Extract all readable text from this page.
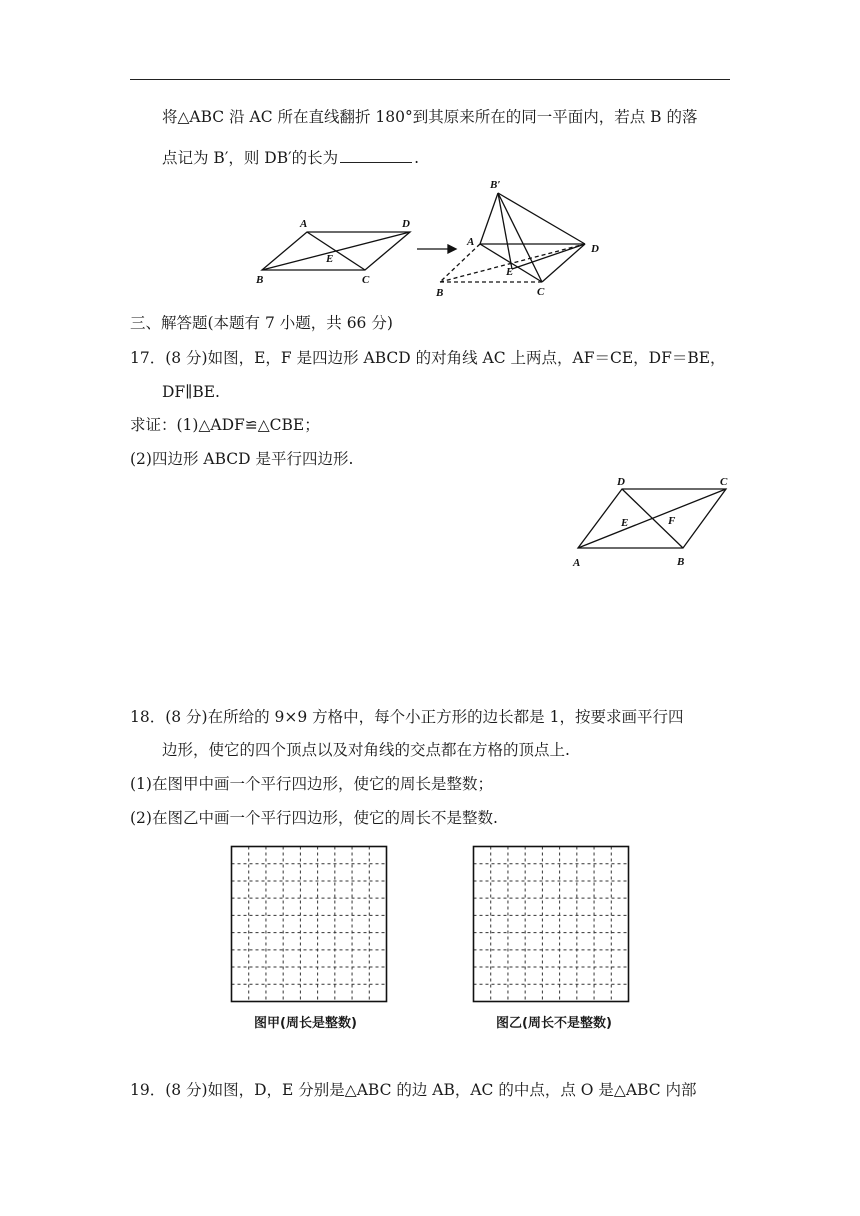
将△ABC 沿 AC 所在直线翻折 180°到其原来所在的同一平面内，若点 B 的落
点记为 B′，则 DB′的长为	.
A	D
B	C
E
B′
A
D
E
B	C
三、解答题(本题有 7 小题，共 66 分)
17．(8 分)如图，E，F 是四边形 ABCD 的对角线 AC 上两点，AF＝CE，DF＝BE，
DF∥BE.
求证：(1)△ADF≌△CBE；
(2)四边形 ABCD 是平行四边形.
D	C
E	F
A	B
18．(8 分)在所给的 9×9 方格中，每个小正方形的边长都是 1，按要求画平行四
边形，使它的四个顶点以及对角线的交点都在方格的顶点上.
(1)在图甲中画一个平行四边形，使它的周长是整数；
(2)在图乙中画一个平行四边形，使它的周长不是整数.
图甲(周长是整数)	图乙(周长不是整数)
19．(8 分)如图，D，E 分别是△ABC 的边 AB，AC 的中点，点 O 是△ABC 内部
